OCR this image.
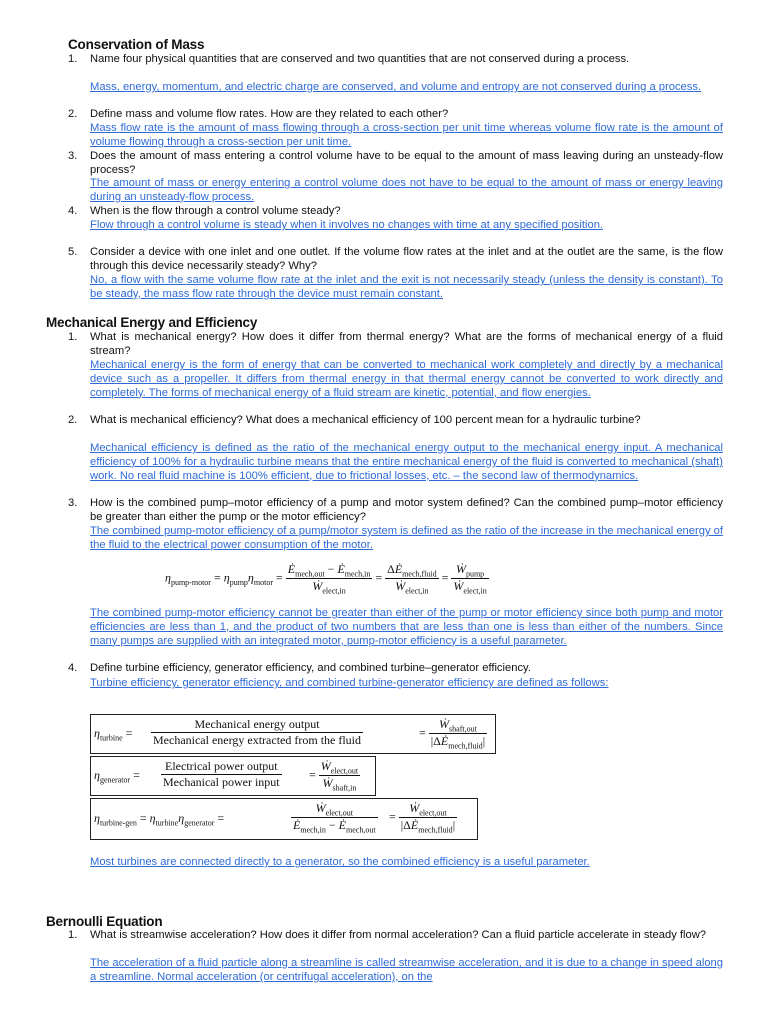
Conservation of Mass
1. Name four physical quantities that are conserved and two quantities that are not conserved during a process.

Mass, energy, momentum, and electric charge are conserved, and volume and entropy are not conserved during a process.

2. Define mass and volume flow rates. How are they related to each other?

Mass flow rate is the amount of mass flowing through a cross-section per unit time whereas volume flow rate is the amount of volume flowing through a cross-section per unit time.

3. Does the amount of mass entering a control volume have to be equal to the amount of mass leaving during an unsteady-flow process?

The amount of mass or energy entering a control volume does not have to be equal to the amount of mass or energy leaving during an unsteady-flow process.

4. When is the flow through a control volume steady?

Flow through a control volume is steady when it involves no changes with time at any specified position.

5. Consider a device with one inlet and one outlet. If the volume flow rates at the inlet and at the outlet are the same, is the flow through this device necessarily steady? Why?

No, a flow with the same volume flow rate at the inlet and the exit is not necessarily steady (unless the density is constant). To be steady, the mass flow rate through the device must remain constant.

Mechanical Energy and Efficiency
1. What is mechanical energy? How does it differ from thermal energy? What are the forms of mechanical energy of a fluid stream?

Mechanical energy is the form of energy that can be converted to mechanical work completely and directly by a mechanical device such as a propeller. It differs from thermal energy in that thermal energy cannot be converted to work directly and completely. The forms of mechanical energy of a fluid stream are kinetic, potential, and flow energies.

2. What is mechanical efficiency? What does a mechanical efficiency of 100 percent mean for a hydraulic turbine?

Mechanical efficiency is defined as the ratio of the mechanical energy output to the mechanical energy input. A mechanical efficiency of 100% for a hydraulic turbine means that the entire mechanical energy of the fluid is converted to mechanical (shaft) work. No real fluid machine is 100% efficient, due to frictional losses, etc. – the second law of thermodynamics.

3. How is the combined pump–motor efficiency of a pump and motor system defined? Can the combined pump–motor efficiency be greater than either the pump or the motor efficiency?

The combined pump-motor efficiency of a pump/motor system is defined as the ratio of the increase in the mechanical energy of the fluid to the electrical power consumption of the motor.

$\eta_{pump-motor} = \eta_{pump}\eta_{motor} = \frac{Ė_{mech,out} - Ė_{mech,in}}{Ẇ_{elect,in}} = \frac{\Delta Ė_{mech,fluid}}{Ẇ_{elect,in}} = \frac{Ẇ_{pump}}{Ẇ_{elect,in}}$

The combined pump-motor efficiency cannot be greater than either of the pump or motor efficiency since both pump and motor efficiencies are less than 1, and the product of two numbers that are less than one is less than either of the numbers. Since many pumps are supplied with an integrated motor, pump-motor efficiency is a useful parameter.

4. Define turbine efficiency, generator efficiency, and combined turbine–generator efficiency.

Turbine efficiency, generator efficiency, and combined turbine-generator efficiency are defined as follows:

$\eta_{turbine}$ =
Mechanical energy output
Mechanical energy extracted from the fluid
= $\frac{Ẇ_{shaft,out}}{|\Delta Ė_{mech,fluid}|}$
$\eta_{generator}$ =
Electrical power output
Mechanical power input
= $\frac{Ẇ_{elect,out}}{Ẇ_{shaft,in}}$
$\eta_{turbine-gen} = \eta_{turbine}\eta_{generator}$ =
Ẇ$_{elect,out}$
$Ė_{mech,in}$ − $Ė_{mech,out}$
= $\frac{Ẇ_{elect,out}}{|\Delta Ė_{mech,fluid}|}$

Most turbines are connected directly to a generator, so the combined efficiency is a useful parameter.

Bernoulli Equation
1. What is streamwise acceleration? How does it differ from normal acceleration? Can a fluid particle accelerate in steady flow?

The acceleration of a fluid particle along a streamline is called streamwise acceleration, and it is due to a change in speed along a streamline. Normal acceleration (or centrifugal acceleration), on the
